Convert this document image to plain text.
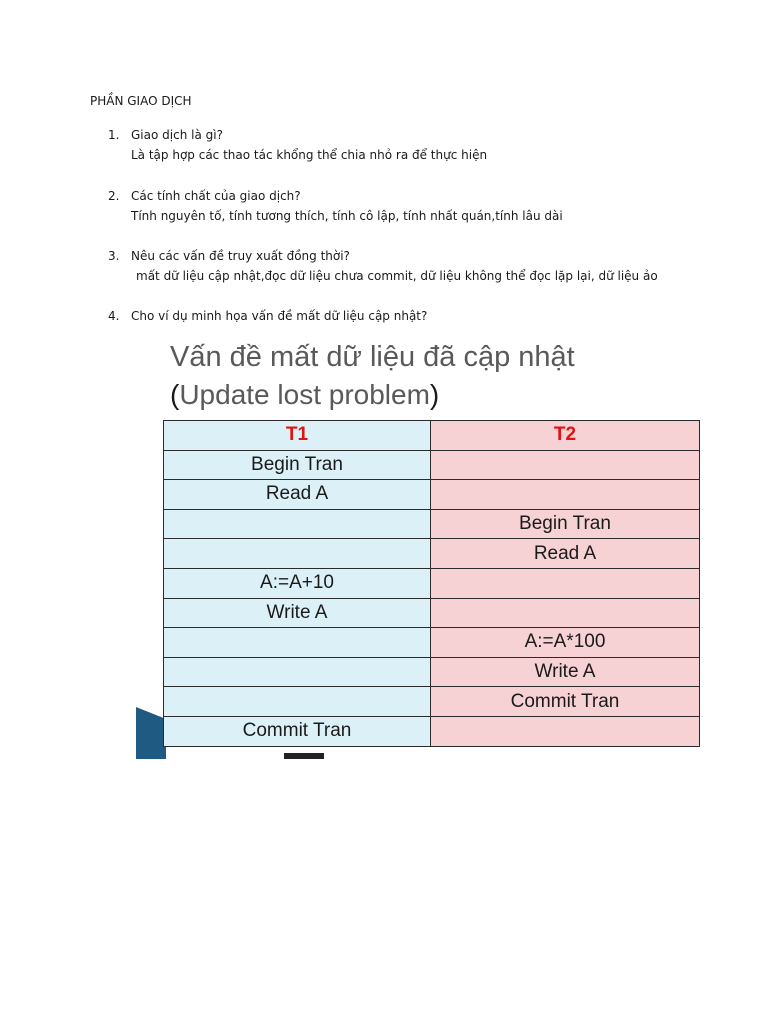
PHẦN GIAO DỊCH
1. Giao dịch là gì?
Là tập hợp các thao tác khổng thể chia nhỏ ra để thực hiện
2. Các tính chất của giao dịch?
Tính nguyên tố, tính tương thích, tính cô lập, tính nhất quán,tính lâu dài
3. Nêu các vấn đề truy xuất đồng thời?
mất dữ liệu cập nhật,đọc dữ liệu chưa commit, dữ liệu không thể đọc lặp lại, dữ liệu ảo
4. Cho ví dụ minh họa vấn đề mất dữ liệu cập nhật?
Vấn đề mất dữ liệu đã cập nhật
(Update lost problem)
T1	T2
Begin Tran	
Read A	
	Begin Tran
	Read A
A:=A+10	
Write A	
	A:=A*100
	Write A
	Commit Tran
Commit Tran	
